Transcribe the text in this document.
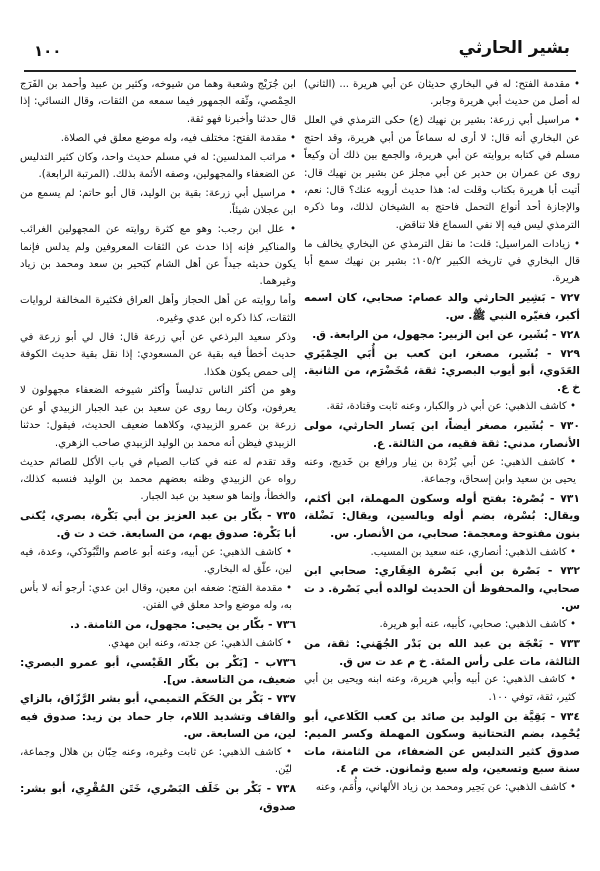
١٠٠	بشير الحارثي

• مقدمة الفتح: له في البخاري حديثان عن أبي هريرة ... (الثاني) له أصل من حديث أبي هريرة وجابر.

• مراسيل أبي زرعة: بشير بن نهيك (ع) حكى الترمذي في العلل عن البخاري أنه قال: لا أرى له سماعاً من أبي هريرة، وقد احتج مسلم في كتابه بروايته عن أبي هريرة، والجمع بين ذلك أن وكيعاً روى عن عمران بن حدير عن أبي مجلز عن بشير بن نهيك قال: أتيت أبا هريرة بكتاب وقلت له: هذا حديث أرويه عنك؟ قال: نعم، والإجازة أحد أنواع التحمل فاحتج به الشيخان لذلك، وما ذكره الترمذي ليس فيه إلا نفي السماع فلا تناقض.

• زيادات المراسيل: قلت: ما نقل الترمذي عن البخاري يخالف ما قال البخاري في تاريخه الكبير ١٠٥/٢: بشير بن نهيك سمع أبا هريرة.

٧٢٧ - بَشِير الحارثي والد عصام: صحابي، كان اسمه أكبر، فغيّره النبي ﷺ. س.

٧٢٨ - بُشَير، عن ابن الزبير: مجهول، من الرابعة. ق.

٧٢٩ - بُشَير، مصغر، ابن كعب بن أُبَي الحِمْيَري العَدَوي، أبو أيوب البصري: ثقة، مُخَضْرَم، من الثانية. خ ع.

• كاشف الذهبي: عن أبي ذر والكبار، وعنه ثابت وقتادة، ثقة.

٧٣٠ - بُشَير، مصغر أيضاً، ابن يَسار الحارثي، مولى الأنصار، مدني: ثقة فقيه، من الثالثة. ع.

• كاشف الذهبي: عن أبي بُرْدة بن نِيار ورافع بن خَديج، وعنه يحيى بن سعيد وابن إسحاق، وجماعة.

٧٣١ - بُصْرة: بفتح أوله وسكون المهملة، ابن أكثم، ويقال: بُسْرة، بضم أوله وبالسين، ويقال: نَضْلة، بنون مفتوحة ومعجمة: صحابي، من الأنصار. س.

• كاشف الذهبي: أنصاري، عنه سعيد بن المسيب.

٧٣٢ - بَصْرة بن أبي بَصْرة الغِفَاري: صحابي ابن صحابي، والمحفوظ أن الحديث لوالده أبي بَصْرة. د ت س.

• كاشف الذهبي: صحابي، كأبيه، عنه أبو هريرة.

٧٣٣ - بَعْجَة بن عبد الله بن بَدْر الجُهَني: ثقة، من الثالثة، مات على رأس المئة. خ م عد ت س ق.

• كاشف الذهبي: عن أبيه وأبي هريرة، وعنه ابنه ويحيى بن أبي كثير، ثقة، توفي ١٠٠.

٧٣٤ - بَقِيَّة بن الوليد بن صائد بن كعب الكَلاعي، أبو يُحْمِد، بضم التحتانية وسكون المهملة وكسر الميم: صدوق كثير التدليس عن الضعفاء، من الثامنة، مات سنة سبع وتسعين، وله سبع وثمانون. خت م ٤.

• كاشف الذهبي: عن بَحِير ومحمد بن زياد الألهاني، وأُمَم، وعنه

ابن جُرَيْج وشعبة وهما من شيوخه، وكثير بن عبيد وأحمد بن الفَرَج الحِمْصي، وثّقه الجمهور فيما سمعه من الثقات، وقال النسائي: إذا قال حدثنا وأخبرنا فهو ثقة.

• مقدمة الفتح: مختلف فيه، وله موضع معلق في الصلاة.

• مراتب المدلسين: له في مسلم حديث واحد، وكان كثير التدليس عن الضعفاء والمجهولين، وصفه الأئمة بذلك. (المرتبة الرابعة).

• مراسيل أبي زرعة: بقية بن الوليد، قال أبو حاتم: لم يسمع من ابن عجلان شيئاً.

• علل ابن رجب: وهو مع كثرة روايته عن المجهولين الغرائب والمناكير فإنه إذا حدث عن الثقات المعروفين ولم يدلس فإنما يكون حديثه جيداً عن أهل الشام كبَحير بن سعد ومحمد بن زياد وغيرهما.

وأما روايته عن أهل الحجاز وأهل العراق فكثيرة المخالفة لروايات الثقات، كذا ذكره ابن عدي وغيره.

وذكر سعيد البرذعي عن أبي زرعة قال: قال لي أبو زرعة في حديث أخطأ فيه بقية عن المسعودي: إذا نقل بقية حديث الكوفة إلى حمص يكون هكذا.

وهو من أكثر الناس تدليساً وأكثر شيوخه الضعفاء مجهولون لا يعرفون، وكان ربما روى عن سعيد بن عبد الجبار الزبيدي أو عن زرعة بن عمرو الزبيدي، وكلاهما ضعيف الحديث، فيقول: حدثنا الزبيدي فيظن أنه محمد بن الوليد الزبيدي صاحب الزهري.

وقد تقدم له عنه في كتاب الصيام في باب الأكل للصائم حديث رواه عن الزبيدي وظنه بعضهم محمد بن الوليد فنسبه كذلك، والخطأ، وإنما هو سعيد بن عبد الجبار.

٧٣٥ - بكّار بن عبد العزيز بن أبي بَكْرة، بصري، يُكنى أبا بَكْرة: صدوق يهم، من السابعة. خت د ت ق.

• كاشف الذهبي: عن أبيه، وعنه أبو عاصم والتَّبُوذَكي، وعدة، فيه لين، علّق له البخاري.

• مقدمة الفتح: ضعفه ابن معين، وقال ابن عدي: أرجو أنه لا بأس به، وله موضع واحد معلق في الفتن.

٧٣٦ - بكّار بن يحيى: مجهول، من الثامنة. د.

• كاشف الذهبي: عن جدته، وعنه ابن مهدي.

٧٣٦ب - [بَكْر بن بكّار القَيْسي، أبو عمرو البصري: ضعيف، من التاسعة. س].

٧٣٧ - بَكْر بن الحَكَم التميمي، أبو بشر الرَّزّاق، بالزاي والقاف وتشديد اللام، جار حماد بن زيد: صدوق فيه لين، من السابعة. س.

• كاشف الذهبي: عن ثابت وغيره، وعنه حِبّان بن هلال وجماعة، ليّن.

٧٣٨ - بَكْر بن خَلَف البَصْري، خَتَن المُقْرِي، أبو بشر: صدوق،
